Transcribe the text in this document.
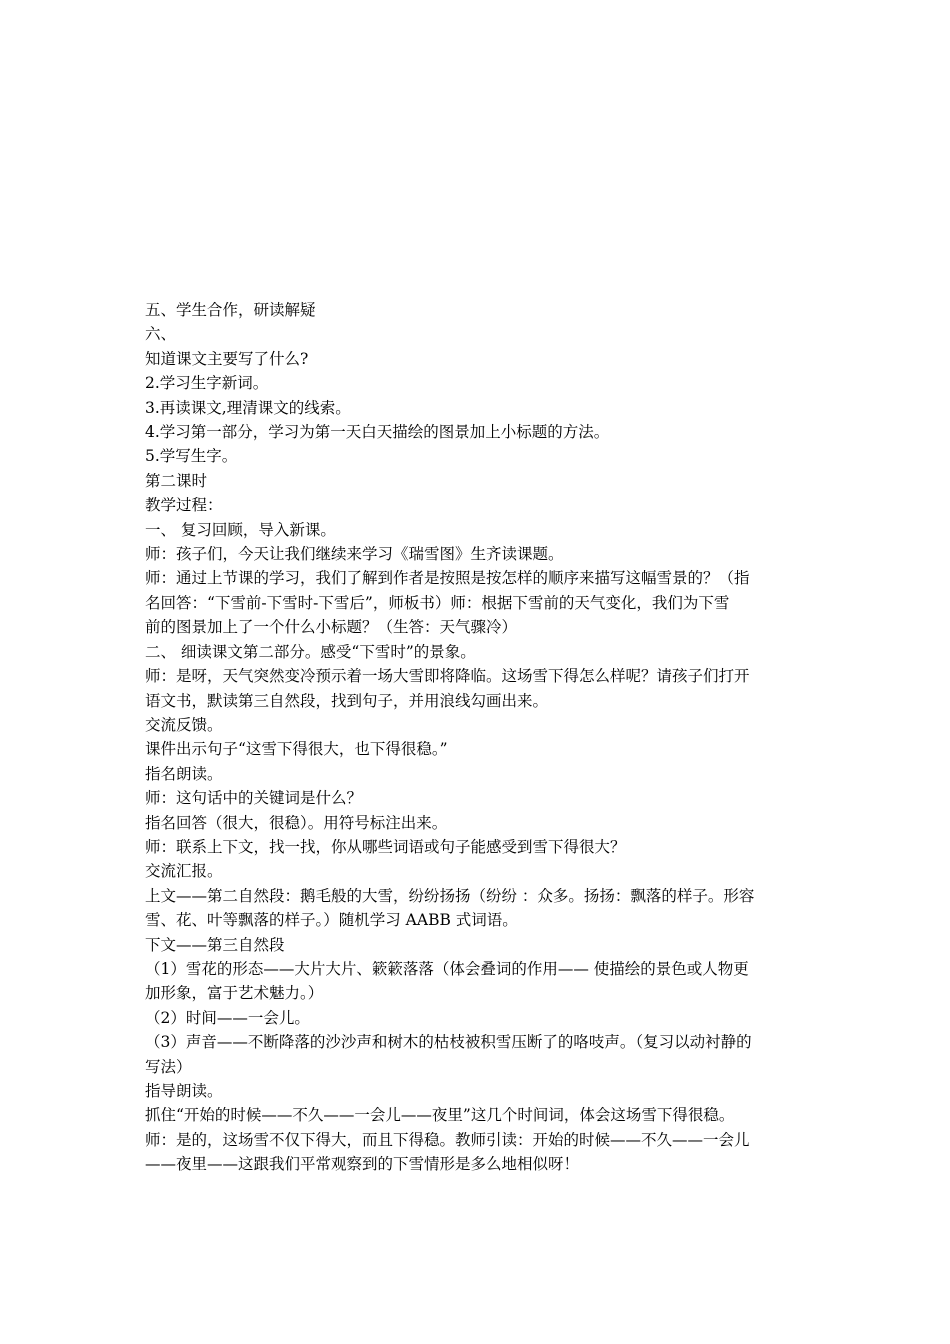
五、学生合作，研读解疑
六、
知道课文主要写了什么?
2.学习生字新词。
3.再读课文,理清课文的线索。
4.学习第一部分，学习为第一天白天描绘的图景加上小标题的方法。
5.学写生字。
第二课时
教学过程：
一、 复习回顾，导入新课。
师：孩子们，今天让我们继续来学习《瑞雪图》生齐读课题。
师：通过上节课的学习，我们了解到作者是按照是按怎样的顺序来描写这幅雪景的？（指
名回答：“下雪前-下雪时-下雪后”，师板书）师：根据下雪前的天气变化，我们为下雪
前的图景加上了一个什么小标题？（生答：天气骤冷）
二、 细读课文第二部分。感受“下雪时”的景象。
师：是呀，天气突然变冷预示着一场大雪即将降临。这场雪下得怎么样呢？请孩子们打开
语文书，默读第三自然段，找到句子，并用浪线勾画出来。
交流反馈。
课件出示句子“这雪下得很大，也下得很稳。”
指名朗读。
师：这句话中的关键词是什么？
指名回答（很大，很稳）。用符号标注出来。
师：联系上下文，找一找，你从哪些词语或句子能感受到雪下得很大？
交流汇报。
上文——第二自然段：鹅毛般的大雪，纷纷扬扬（纷纷 ：众多。扬扬：飘落的样子。形容
雪、花、叶等飘落的样子。）随机学习 AABB 式词语。
下文——第三自然段
（1）雪花的形态——大片大片、簌簌落落（体会叠词的作用—— 使描绘的景色或人物更
加形象，富于艺术魅力。）
（2）时间——一会儿。
（3）声音——不断降落的沙沙声和树木的枯枝被积雪压断了的咯吱声。（复习以动衬静的
写法）
指导朗读。
抓住“开始的时候——不久——一会儿——夜里”这几个时间词，体会这场雪下得很稳。
师：是的，这场雪不仅下得大，而且下得稳。教师引读：开始的时候——不久——一会儿
——夜里——这跟我们平常观察到的下雪情形是多么地相似呀！
